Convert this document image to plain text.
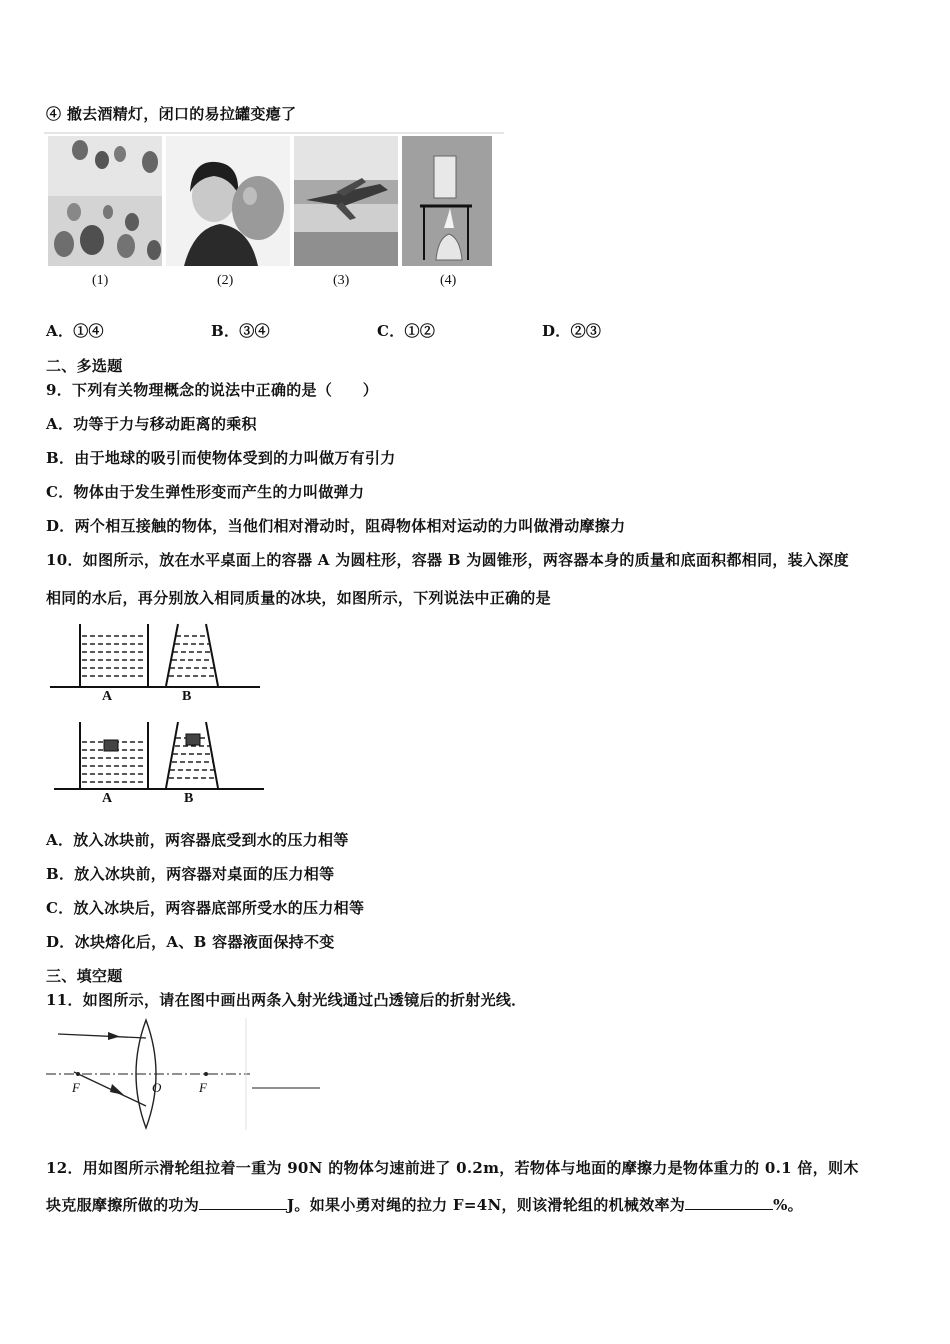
④ 撤去酒精灯，闭口的易拉罐变瘪了
(1)	(2)	(3)	(4)
A．①④	B．③④	C．①②	D．②③
二、多选题
9．下列有关物理概念的说法中正确的是（　　）
A．功等于力与移动距离的乘积
B．由于地球的吸引而使物体受到的力叫做万有引力
C．物体由于发生弹性形变而产生的力叫做弹力
D．两个相互接触的物体，当他们相对滑动时，阻碍物体相对运动的力叫做滑动摩擦力
10．如图所示，放在水平桌面上的容器 A 为圆柱形，容器 B 为圆锥形，两容器本身的质量和底面积都相同，装入深度
相同的水后，再分别放入相同质量的冰块，如图所示，下列说法中正确的是
A	B
A	B
A．放入冰块前，两容器底受到水的压力相等
B．放入冰块前，两容器对桌面的压力相等
C．放入冰块后，两容器底部所受水的压力相等
D．冰块熔化后，A、B 容器液面保持不变
三、填空题
11．如图所示，请在图中画出两条入射光线通过凸透镜后的折射光线．
F	O	F
12．用如图所示滑轮组拉着一重为 90N 的物体匀速前进了 0.2m，若物体与地面的摩擦力是物体重力的 0.1 倍，则木
块克服摩擦所做的功为	J。如果小勇对绳的拉力 F=4N，则该滑轮组的机械效率为	%。
